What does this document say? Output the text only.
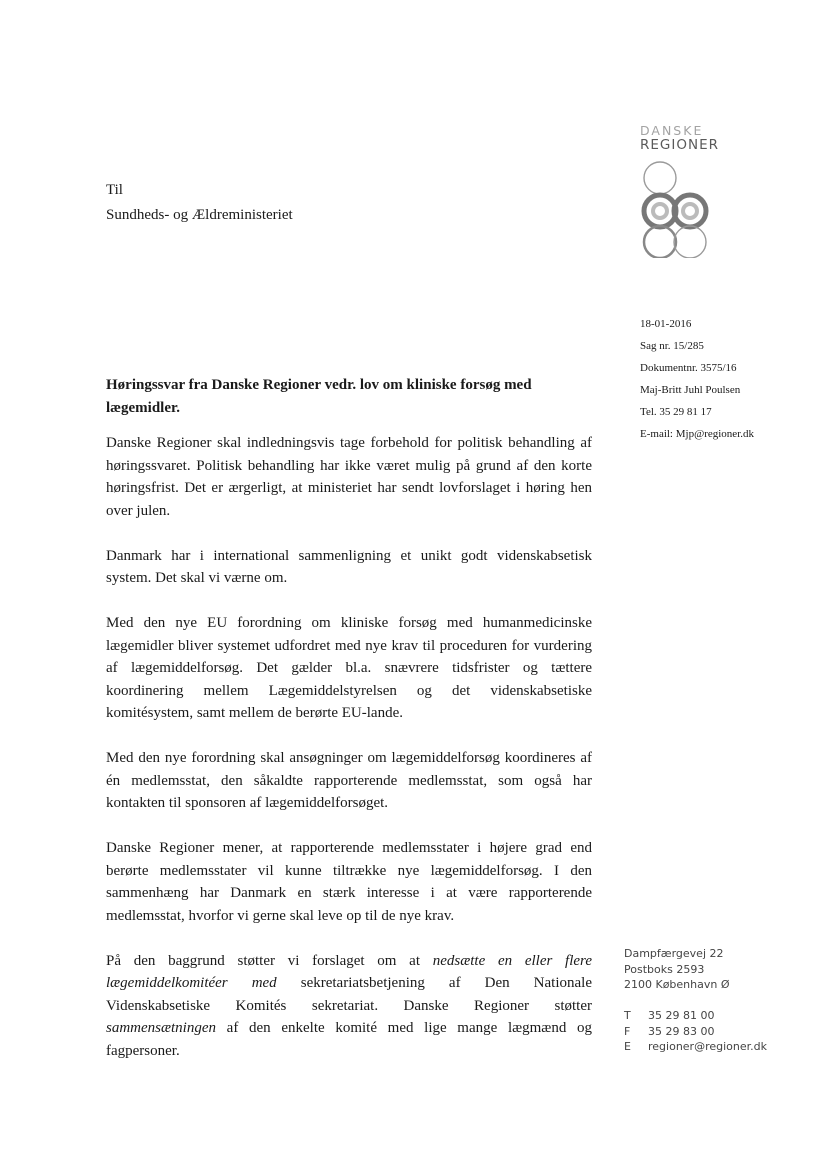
DANSKE
REGIONER
Til
Sundheds- og Ældreministeriet
18-01-2016
Sag nr. 15/285
Dokumentnr. 3575/16
Maj-Britt Juhl Poulsen
Tel. 35 29 81 17
E-mail: Mjp@regioner.dk
Høringssvar fra Danske Regioner vedr. lov om kliniske forsøg med lægemidler.

Danske Regioner skal indledningsvis tage forbehold for politisk behandling af høringssvaret. Politisk behandling har ikke været mulig på grund af den korte høringsfrist. Det er ærgerligt, at ministeriet har sendt lovforslaget i høring hen over julen.

Danmark har i international sammenligning et unikt godt videnskabsetisk system. Det skal vi værne om.

Med den nye EU forordning om kliniske forsøg med humanmedicinske lægemidler bliver systemet udfordret med nye krav til proceduren for vurdering af lægemiddelforsøg. Det gælder bl.a. snævrere tidsfrister og tættere koordinering mellem Lægemiddelstyrelsen og det videnskabsetiske komitésystem, samt mellem de berørte EU-lande.

Med den nye forordning skal ansøgninger om lægemiddelforsøg koordineres af én medlemsstat, den såkaldte rapporterende medlemsstat, som også har kontakten til sponsoren af lægemiddelforsøget.

Danske Regioner mener, at rapporterende medlemsstater i højere grad end berørte medlemsstater vil kunne tiltrække nye lægemiddelforsøg. I den sammenhæng har Danmark en stærk interesse i at være rapporterende medlemsstat, hvorfor vi gerne skal leve op til de nye krav.

På den baggrund støtter vi forslaget om at nedsætte en eller flere lægemiddelkomitéer med sekretariatsbetjening af Den Nationale Videnskabsetiske Komités sekretariat. Danske Regioner støtter sammensætningen af den enkelte komité med lige mange lægmænd og fagpersoner.

Dampfærgevej 22
Postboks 2593
2100 København Ø
T 35 29 81 00
F 35 29 83 00
E regioner@regioner.dk
